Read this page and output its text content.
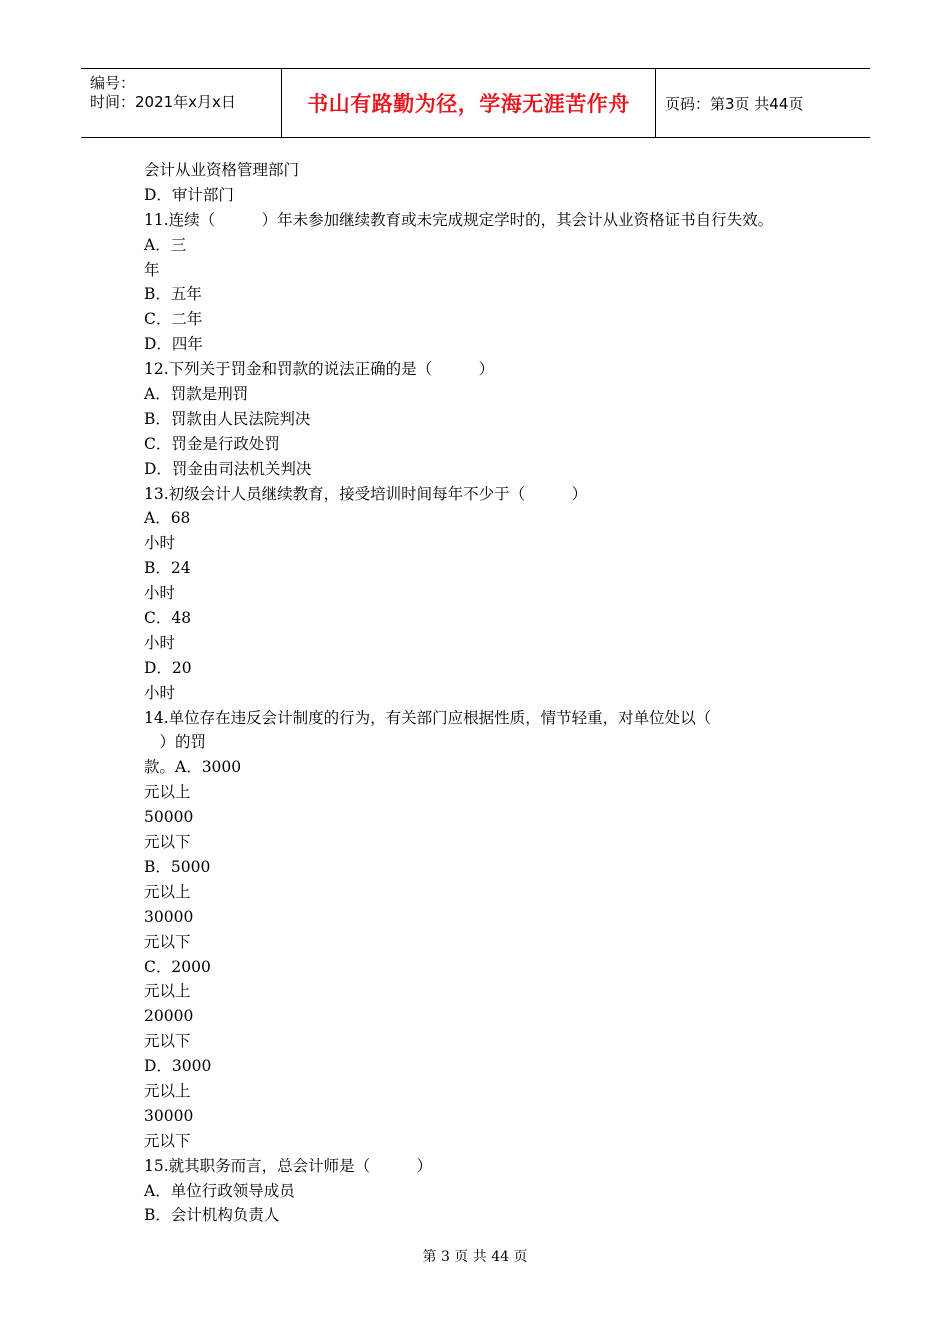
编号：
时间：2021年x月x日	书山有路勤为径，学海无涯苦作舟	页码：第3页 共44页
会计从业资格管理部门
D．审计部门
11.连续（　　　）年未参加继续教育或未完成规定学时的，其会计从业资格证书自行失效。
A．三
年
B．五年
C．二年
D．四年
12.下列关于罚金和罚款的说法正确的是（　　　）
A．罚款是刑罚
B．罚款由人民法院判决
C．罚金是行政处罚
D．罚金由司法机关判决
13.初级会计人员继续教育，接受培训时间每年不少于（　　　）
A．68
小时
B．24
小时
C．48
小时
D．20
小时
14.单位存在违反会计制度的行为，有关部门应根据性质，情节轻重，对单位处以（
　）的罚
款。A．3000
元以上
50000
元以下
B．5000
元以上
30000
元以下
C．2000
元以上
20000
元以下
D．3000
元以上
30000
元以下
15.就其职务而言，总会计师是（　　　）
A．单位行政领导成员
B．会计机构负责人
第 3 页 共 44 页
